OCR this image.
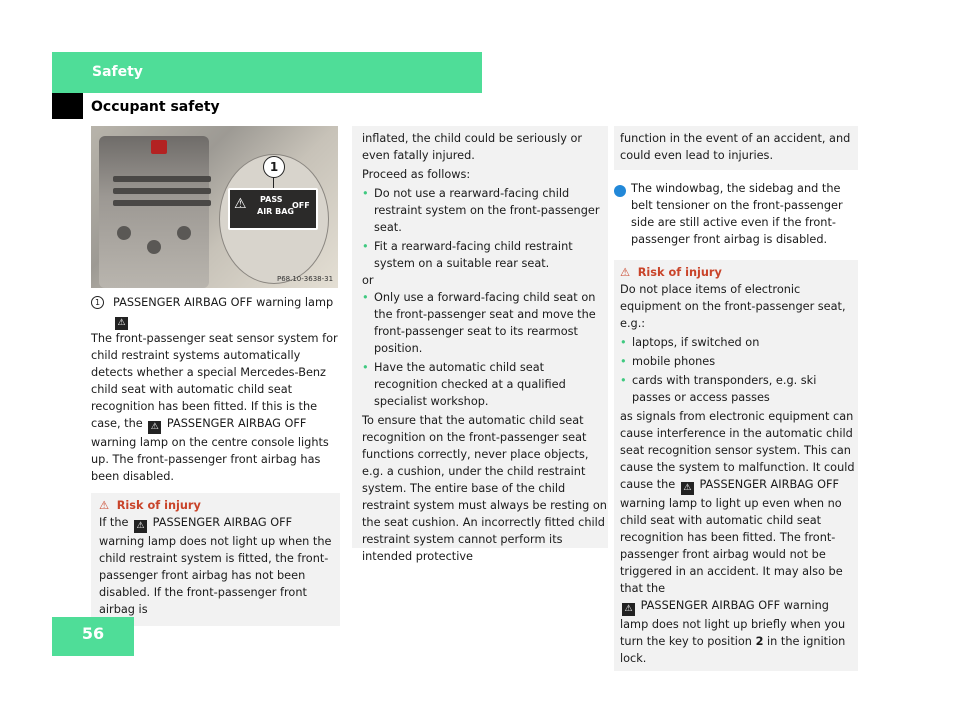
Safety
Occupant safety
1
⚠ PASS
AIR BAG
OFF
P68.10-3638-31

1	PASSENGER AIRBAG OFF warning lamp
⚠

The front-passenger seat sensor system for child restraint systems automatically detects whether a special Mercedes-Benz child seat with automatic child seat recognition has been fitted. If this is the case, the ⚠ PASSENGER AIRBAG OFF warning lamp on the centre console lights up. The front-passenger front airbag has been disabled.

⚠ Risk of injury

If the ⚠ PASSENGER AIRBAG OFF warning lamp does not light up when the child restraint system is fitted, the front-passenger front airbag has not been disabled. If the front-passenger front airbag is

inflated, the child could be seriously or even fatally injured.

Proceed as follows:

• Do not use a rearward-facing child restraint system on the front-passenger seat.

• Fit a rearward-facing child restraint system on a suitable rear seat.

or

• Only use a forward-facing child seat on the front-passenger seat and move the front-passenger seat to its rearmost position.

• Have the automatic child seat recognition checked at a qualified specialist workshop.

To ensure that the automatic child seat recognition on the front-passenger seat functions correctly, never place objects, e.g. a cushion, under the child restraint system. The entire base of the child restraint system must always be resting on the seat cushion. An incorrectly fitted child restraint system cannot perform its intended protective

function in the event of an accident, and could even lead to injuries.

i The windowbag, the sidebag and the belt tensioner on the front-passenger side are still active even if the front-passenger front airbag is disabled.

⚠ Risk of injury

Do not place items of electronic equipment on the front-passenger seat, e.g.:

• laptops, if switched on

• mobile phones

• cards with transponders, e.g. ski passes or access passes

as signals from electronic equipment can cause interference in the automatic child seat recognition sensor system. This can cause the system to malfunction. It could cause the ⚠ PASSENGER AIRBAG OFF warning lamp to light up even when no child seat with automatic child seat recognition has been fitted. The front-passenger front airbag would not be triggered in an accident. It may also be that the
⚠ PASSENGER AIRBAG OFF warning lamp does not light up briefly when you turn the key to position 2 in the ignition lock.

56
